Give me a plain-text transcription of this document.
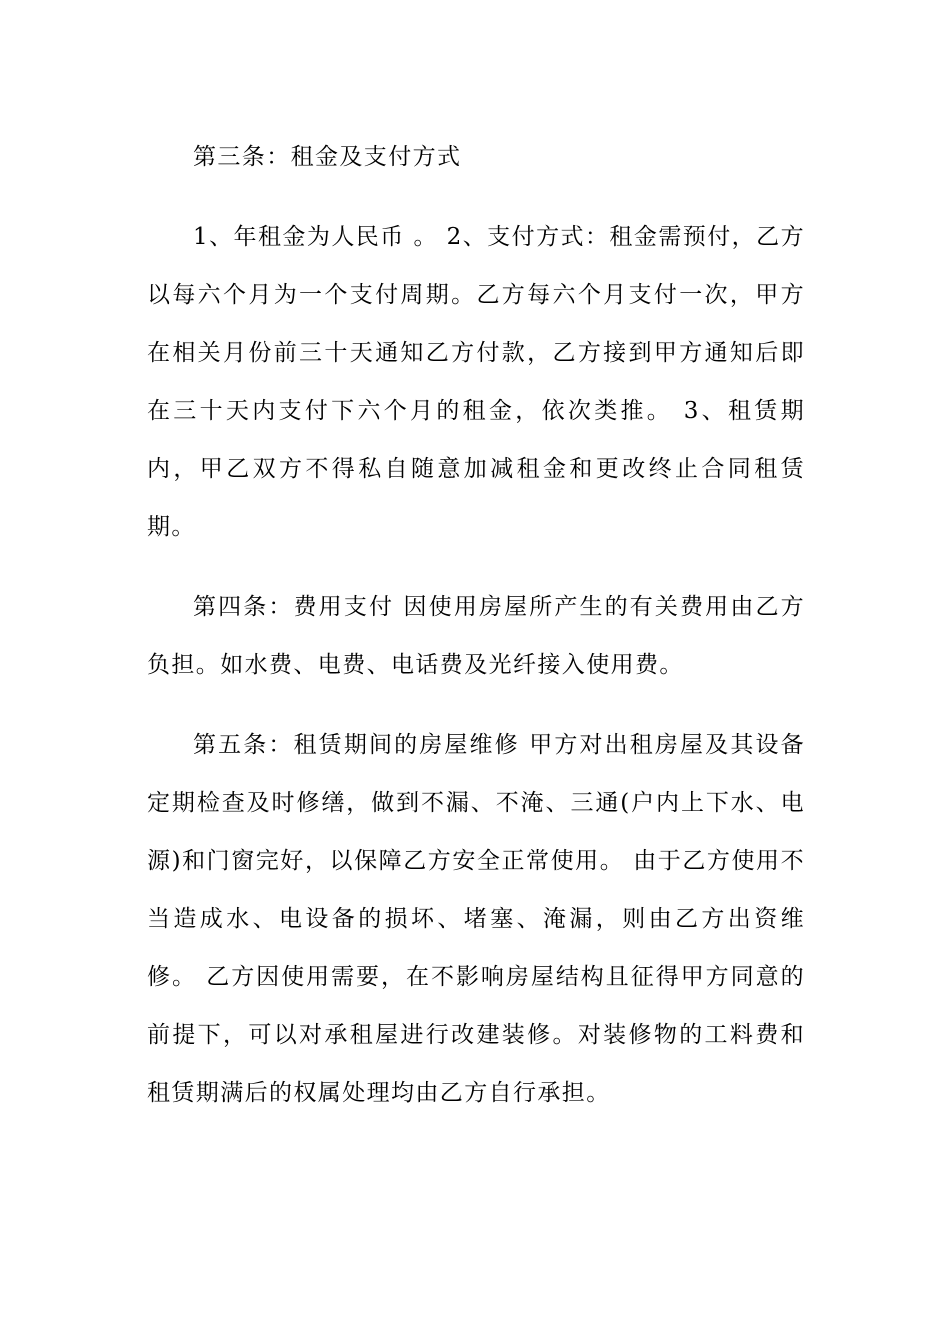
第三条：租金及支付方式

1、年租金为人民币 。 2、支付方式：租金需预付，乙方以每六个月为一个支付周期。乙方每六个月支付一次，甲方在相关月份前三十天通知乙方付款，乙方接到甲方通知后即在三十天内支付下六个月的租金，依次类推。 3、租赁期内，甲乙双方不得私自随意加减租金和更改终止合同租赁期。

第四条：费用支付 因使用房屋所产生的有关费用由乙方负担。如水费、电费、电话费及光纤接入使用费。

第五条：租赁期间的房屋维修 甲方对出租房屋及其设备定期检查及时修缮，做到不漏、不淹、三通(户内上下水、电源)和门窗完好，以保障乙方安全正常使用。 由于乙方使用不当造成水、电设备的损坏、堵塞、淹漏，则由乙方出资维修。 乙方因使用需要，在不影响房屋结构且征得甲方同意的前提下，可以对承租屋进行改建装修。对装修物的工料费和租赁期满后的权属处理均由乙方自行承担。
